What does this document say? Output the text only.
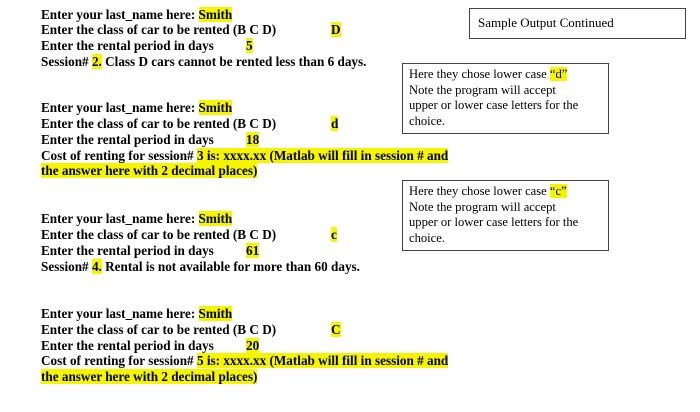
Sample Output Continued
Enter your last_name here: Smith
Enter the class of car to be rented (B C D)	D
Enter the rental period in days 5
Session# 2. Class D cars cannot be rented less than 6 days.
Here they chose lower case “d”
Note the program will accept
upper or lower case letters for the
choice.
Enter your last_name here: Smith
Enter the class of car to be rented (B C D)	d
Enter the rental period in days 18
Cost of renting for session# 3 is: xxxx.xx (Matlab will fill in session # and
the answer here with 2 decimal places)
Here they chose lower case “c”
Note the program will accept
upper or lower case letters for the
choice.
Enter your last_name here: Smith
Enter the class of car to be rented (B C D)	c
Enter the rental period in days 61
Session# 4. Rental is not available for more than 60 days.
Enter your last_name here: Smith
Enter the class of car to be rented (B C D)	C
Enter the rental period in days 20
Cost of renting for session# 5 is: xxxx.xx (Matlab will fill in session # and
the answer here with 2 decimal places)
